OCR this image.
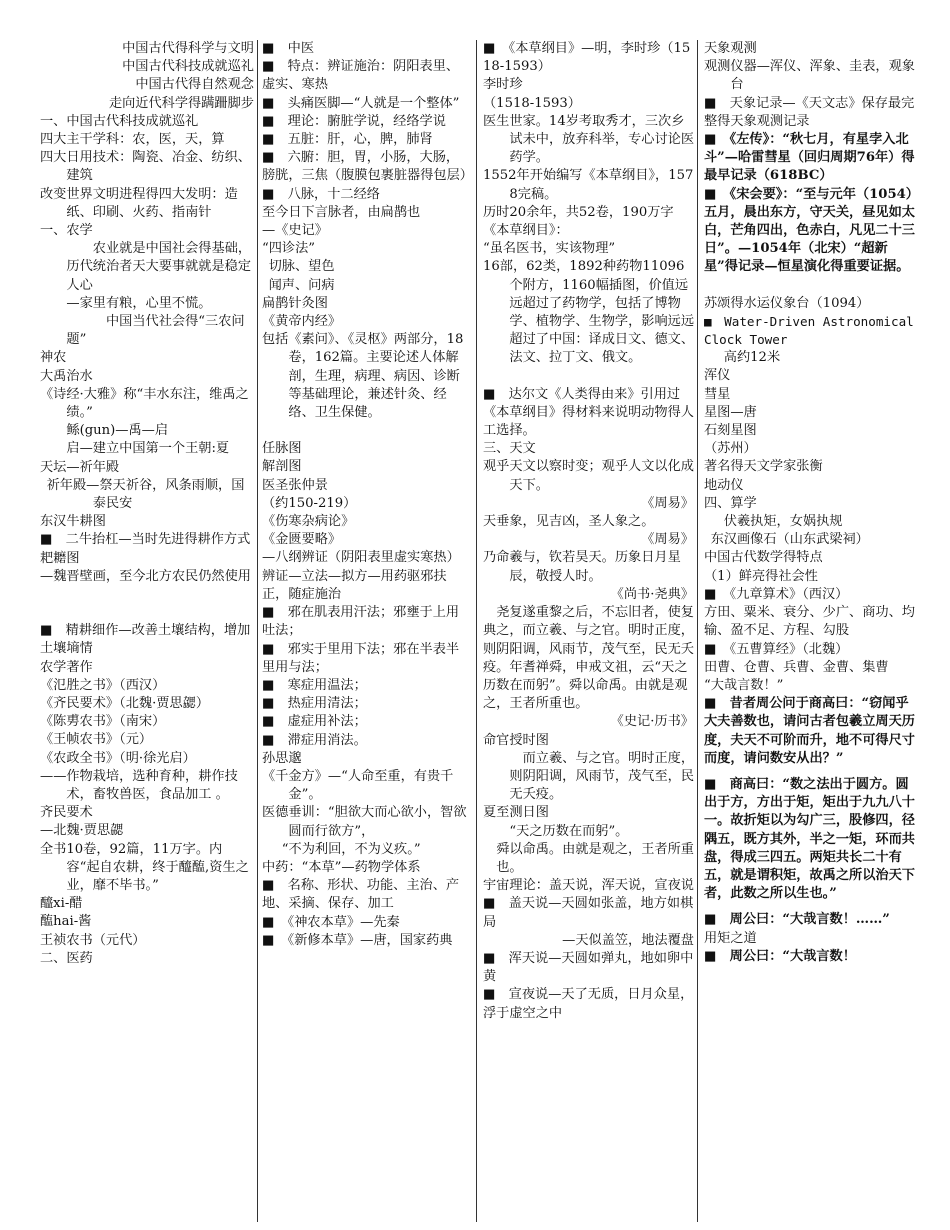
中国古代得科学与文明

中国古代科技成就巡礼

中国古代得自然观念

走向近代科学得蹒跚脚步

一、中国古代科技成就巡礼

四大主干学科：农，医，天，算

四大日用技术：陶瓷、冶金、纺织、建筑

改变世界文明进程得四大发明：造纸、印刷、火药、指南针

一、农学

农业就是中国社会得基础，历代统治者天大要事就就是稳定人心

—家里有粮，心里不慌。

中国当代社会得“三农问题”

神农

大禹治水

《诗经·大雅》称“丰水东注，维禹之绩。”

鲧(gun)—禹—启

启—建立中国第一个王朝:夏

天坛—祈年殿

祈年殿—祭天祈谷，风条雨顺，国泰民安

东汉牛耕图

■　二牛抬杠—当时先进得耕作方式

耙耱图

—魏晋壁画，至今北方农民仍然使用

■　精耕细作—改善土壤结构，增加土壤墒情

农学著作

《氾胜之书》（西汉）

《齐民要术》（北魏·贾思勰）

《陈旉农书》（南宋）

《王帧农书》（元）

《农政全书》（明·徐光启）

——作物栽培，选种育种，耕作技术，畜牧兽医，食品加工 。

齐民要术

—北魏·贾思勰

全书10卷，92篇，11万字。内容“起自农耕，终于醯醢,资生之业，靡不毕书。”

醯xi-醋

醢hai-酱

王祯农书（元代）

二、医药

■　中医

■　特点：辨证施治：阴阳表里、虚实、寒热

■　头痛医脚—“人就是一个整体”

■　理论：腑脏学说，经络学说

■　五脏：肝，心，脾，肺肾

■　六腑：胆，胃，小肠，大肠，膀胱，三焦（腹膜包裹脏器得包层）

■　八脉，十二经络

至今日下言脉者，由扁鹊也

—《史记》

“四诊法”

切脉、望色

闻声、问病

扁鹊针灸图

《黄帝内经》

包括《素问》、《灵枢》两部分，18卷，162篇。主要论述人体解剖，生理，病理、病因、诊断等基础理论，兼述针灸、经络、卫生保健。

任脉图

解剖图

医圣张仲景

（约150-219）

《伤寒杂病论》

《金匮要略》

—八纲辨证（阴阳表里虚实寒热）

辨证—立法—拟方—用药驱邪扶正，随症施治

■　邪在肌表用汗法；邪壅于上用吐法；

■　邪实于里用下法；邪在半表半里用与法；

■　寒症用温法；

■　热症用清法；

■　虚症用补法；

■　滞症用消法。

孙思邈

《千金方》—“人命至重，有贵千金”。

医德垂训：“胆欲大而心欲小，智欲圆而行欲方”，

“不为利回，不为义疚。”

中药：“本草”—药物学体系

■　名称、形状、功能、主治、产地、采摘、保存、加工

■　《神农本草》—先秦

■　《新修本草》—唐，国家药典

■　《本草纲目》—明，李时珍（1518-1593）

李时珍

（1518-1593）

医生世家。14岁考取秀才，三次乡试未中，放弃科举，专心讨论医药学。

1552年开始编写《本草纲目》，1578完稿。

历时20余年，共52卷，190万字

《本草纲目》：

“虽名医书，实该物理”

16部，62类，1892种药物11096个附方，1160幅插图，价值远远超过了药物学，包括了博物学、植物学、生物学，影响远远超过了中国：译成日文、德文、法文、拉丁文、俄文。

■　达尔文《人类得由来》引用过《本草纲目》得材料来说明动物得人工选择。

三、天文

观乎天文以察时变；观乎人文以化成天下。

《周易》

天垂象，见吉凶，圣人象之。

《周易》

乃命羲与，钦若昊天。历象日月星辰，敬授人时。

《尚书·尧典》

尧复遂重黎之后，不忘旧者，使复典之，而立羲、与之官。明时正度，则阴阳调，风雨节，茂气至，民无夭疫。年耆禅舜，申戒文祖，云“天之历数在而躬”。舜以命禹。由就是观之，王者所重也。

《史记·历书》

命官授时图

而立羲、与之官。明时正度，则阴阳调，风雨节，茂气至，民无夭疫。

夏至测日图

“天之历数在而躬”。

舜以命禹。由就是观之，王者所重也。

宇宙理论：盖天说，浑天说，宣夜说

■　盖天说—天圆如张盖，地方如棋局

—天似盖笠，地法覆盘

■　浑天说—天圆如弹丸，地如卵中黄

■　宣夜说—天了无质，日月众星，浮于虚空之中

天象观测

观测仪器—浑仪、浑象、圭表，观象台

■　天象记录—《天文志》保存最完整得天象观测记录

■　《左传》：“秋七月，有星孛入北斗”—哈雷彗星（回归周期76年）得最早记录（618BC）

■　《宋会要》：“至与元年（1054）五月，晨出东方，守天关，昼见如太白，芒角四出，色赤白，凡见二十三日”。—1054年（北宋）“超新星”得记录—恒星演化得重要证据。

苏颂得水运仪象台（1094）

■　Water-Driven Astronomical Clock Tower

高约12米

浑仪

彗星

星图—唐

石刻星图

（苏州）

著名得天文学家张衡

地动仪

四、算学

伏羲执矩，女娲执规

东汉画像石（山东武梁祠）

中国古代数学得特点

（1）鲜亮得社会性

■　《九章算术》（西汉）

方田、粟米、衰分、少广、商功、均输、盈不足、方程、勾股

■　《五曹算经》（北魏）

田曹、仓曹、兵曹、金曹、集曹

“大哉言数！”

■　昔者周公问于商高曰：“窃闻乎大夫善数也，请问古者包羲立周天历度，夫天不可阶而升，地不可得尺寸而度，请问数安从出？”

■　商高曰：“数之法出于圆方。圆出于方，方出于矩，矩出于九九八十一。故折矩以为勾广三，股修四，径隅五，既方其外，半之一矩，环而共盘，得成三四五。两矩共长二十有五，就是谓积矩，故禹之所以治天下者，此数之所以生也。”

■　周公曰：“大哉言数！……”

用矩之道

■　周公曰：“大哉言数！
